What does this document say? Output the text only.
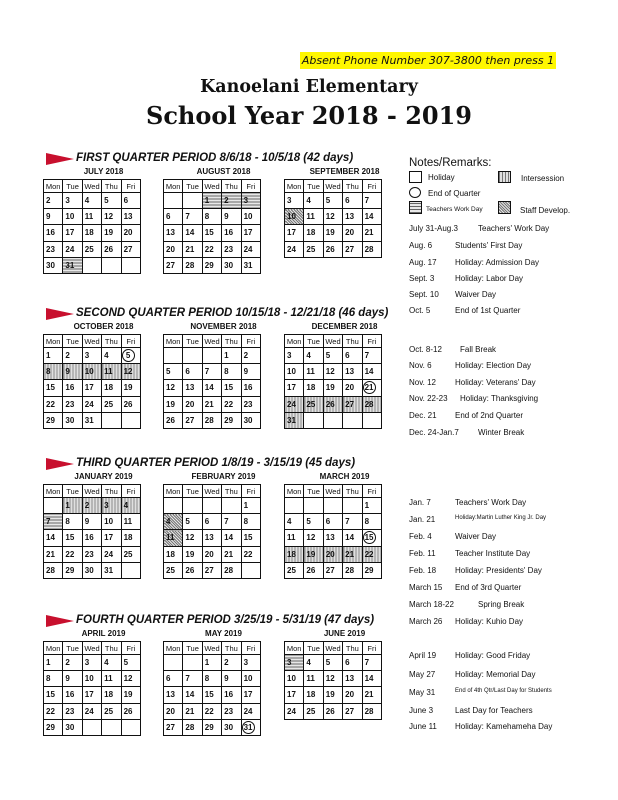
Absent Phone Number 307-3800 then press 1
Kanoelani Elementary
School Year 2018 - 2019
FIRST QUARTER PERIOD 8/6/18 - 10/5/18 (42 days)
JULY 2018
Mon	Tue	Wed	Thu	Fri
2	3	4	5	6
9	10	11	12	13
16	17	18	19	20
23	24	25	26	27
30	31			
AUGUST 2018
Mon	Tue	Wed	Thu	Fri
		1	2	3
6	7	8	9	10
13	14	15	16	17
20	21	22	23	24
27	28	29	30	31
SEPTEMBER 2018
Mon	Tue	Wed	Thu	Fri
3	4	5	6	7
10	11	12	13	14
17	18	19	20	21
24	25	26	27	28
SECOND QUARTER PERIOD 10/15/18 - 12/21/18 (46 days)
OCTOBER 2018
Mon	Tue	Wed	Thu	Fri
1	2	3	4	5
8	9	10	11	12
15	16	17	18	19
22	23	24	25	26
29	30	31		
NOVEMBER 2018
Mon	Tue	Wed	Thu	Fri
			1	2
5	6	7	8	9
12	13	14	15	16
19	20	21	22	23
26	27	28	29	30
DECEMBER 2018
Mon	Tue	Wed	Thu	Fri
3	4	5	6	7
10	11	12	13	14
17	18	19	20	21
24	25	26	27	28
31				
THIRD QUARTER PERIOD 1/8/19 - 3/15/19 (45 days)
JANUARY 2019
Mon	Tue	Wed	Thu	Fri
	1	2	3	4
7	8	9	10	11
14	15	16	17	18
21	22	23	24	25
28	29	30	31	
FEBRUARY 2019
Mon	Tue	Wed	Thu	Fri
				1
4	5	6	7	8
11	12	13	14	15
18	19	20	21	22
25	26	27	28	
MARCH 2019
Mon	Tue	Wed	Thu	Fri
				1
4	5	6	7	8
11	12	13	14	15
18	19	20	21	22
25	26	27	28	29
FOURTH QUARTER PERIOD 3/25/19 - 5/31/19 (47 days)
APRIL 2019
Mon	Tue	Wed	Thu	Fri
1	2	3	4	5
8	9	10	11	12
15	16	17	18	19
22	23	24	25	26
29	30			
MAY 2019
Mon	Tue	Wed	Thu	Fri
		1	2	3
6	7	8	9	10
13	14	15	16	17
20	21	22	23	24
27	28	29	30	31
JUNE 2019
Mon	Tue	Wed	Thu	Fri
3	4	5	6	7
10	11	12	13	14
17	18	19	20	21
24	25	26	27	28
Notes/Remarks:
Holiday	Intersession
End of Quarter
Teachers Work Day	Staff Develop.
July 31-Aug.3	Teachers' Work Day
Aug. 6	Students' First Day
Aug. 17 Holiday: Admission Day
Sept. 3	Holiday: Labor Day
Sept. 10 Waiver Day
Oct. 5	End of 1st Quarter
Oct. 8-12 Fall Break
Nov. 6	Holiday: Election Day
Nov. 12 Holiday: Veterans' Day
Nov. 22-23 Holiday: Thanksgiving
Dec. 21 End of 2nd Quarter
Dec. 24-Jan.7 Winter Break
Jan. 7	Teachers' Work Day
Jan. 21	Holiday:Martin Luther King Jr. Day
Feb. 4	Waiver Day
Feb. 11 Teacher Institute Day
Feb. 18 Holiday: Presidents' Day
March 15 End of 3rd Quarter
March 18-22	Spring Break
March 26 Holiday: Kuhio Day
April 19 Holiday: Good Friday
May 27 Holiday: Memorial Day
May 31	End of 4th Qtr/Last Day for Students
June 3	Last Day for Teachers
June 11 Holiday: Kamehameha Day
